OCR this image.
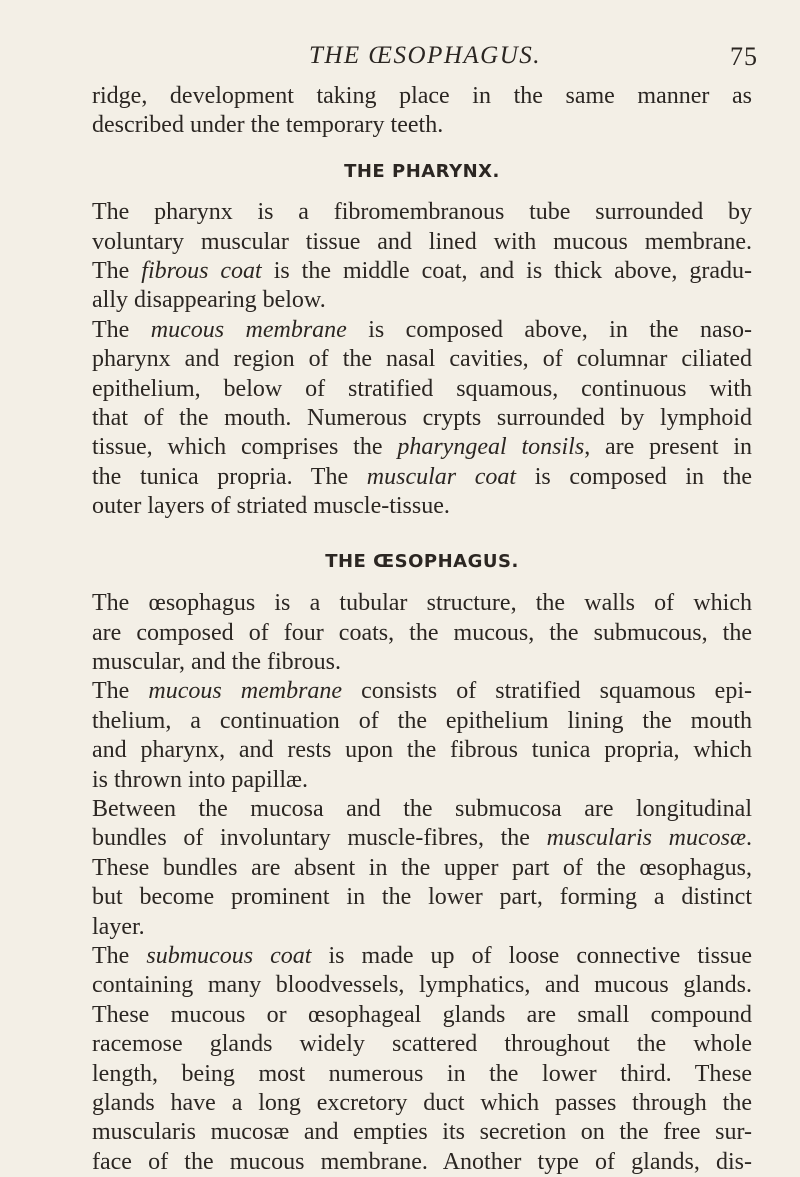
THE ŒSOPHAGUS.	75
ridge, development taking place in the same manner as
described under the temporary teeth.
THE PHARYNX.
The pharynx is a fibromembranous tube surrounded by
voluntary muscular tissue and lined with mucous membrane.
The fibrous coat is the middle coat, and is thick above, gradu-
ally disappearing below.
The mucous membrane is composed above, in the naso-
pharynx and region of the nasal cavities, of columnar ciliated
epithelium, below of stratified squamous, continuous with
that of the mouth. Numerous crypts surrounded by lymphoid
tissue, which comprises the pharyngeal tonsils, are present in
the tunica propria. The muscular coat is composed in the
outer layers of striated muscle-tissue.
THE ŒSOPHAGUS.
The œsophagus is a tubular structure, the walls of which
are composed of four coats, the mucous, the submucous, the
muscular, and the fibrous.
The mucous membrane consists of stratified squamous epi-
thelium, a continuation of the epithelium lining the mouth
and pharynx, and rests upon the fibrous tunica propria, which
is thrown into papillæ.
Between the mucosa and the submucosa are longitudinal
bundles of involuntary muscle-fibres, the muscularis mucosæ.
These bundles are absent in the upper part of the œsophagus,
but become prominent in the lower part, forming a distinct
layer.
The submucous coat is made up of loose connective tissue
containing many bloodvessels, lymphatics, and mucous glands.
These mucous or œsophageal glands are small compound
racemose glands widely scattered throughout the whole
length, being most numerous in the lower third. These
glands have a long excretory duct which passes through the
muscularis mucosæ and empties its secretion on the free sur-
face of the mucous membrane. Another type of glands, dis-
